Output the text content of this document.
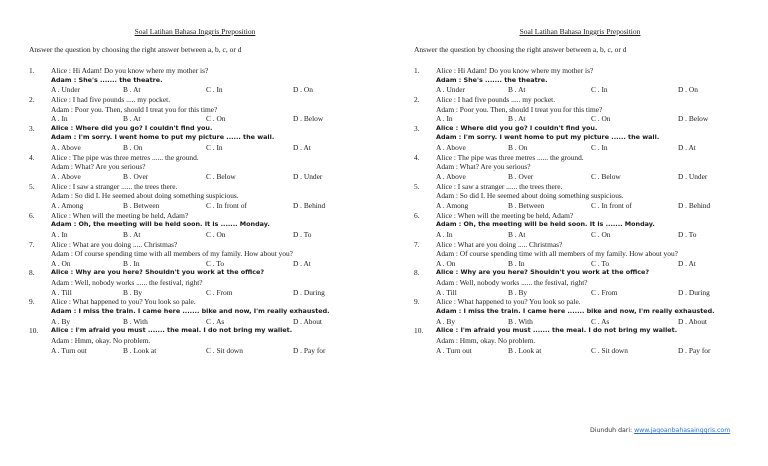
Soal Latihan Bahasa Inggris Preposition
Answer the question by choosing the right answer between a, b, c, or d
1. Alice : Hi Adam! Do you know where my mother is?
Adam : She's ....... the theatre.
A . Under	B . At	C . In	D . On
2. Alice : I had five pounds ..... my pocket.
Adam : Poor you. Then, should I treat you for this time?
A . In	B . At	C . On	D . Below
3.	Alice : Where did you go? I couldn't find you.
Adam : I'm sorry. I went home to put my picture ...... the wall.
A . Above	B . On	C . In	D . At
4. Alice : The pipe was three metres ...... the ground.
Adam : What? Are you serious?
A . Above	B . Over	C . Below	D . Under
5. Alice : I saw a stranger ...... the trees there.
Adam : So did I. He seemed about doing something suspicious.
A . Among	B . Between	C . In front of	D . Behind
6. Alice : When will the meeting be held, Adam?
Adam : Oh, the meeting will be held soon. It is ....... Monday.
A . In	B . At	C . On	D . To
7. Alice : What are you doing ..... Christmas?
Adam : Of course spending time with all members of my family. How about you?
A . On	B . In	C . To	D . At
8.	Alice : Why are you here? Shouldn't you work at the office?
Adam : Well, nobody works ...... the festival, right?
A . Till	B . By	C . From	D . During
9. Alice : What happened to you? You look so pale.
Adam : I miss the train. I came here ....... bike and now, I'm really exhausted.
A . By	B . With	C . As	D . About
10. Alice : I'm afraid you must ....... the meal. I do not bring my wallet.
Adam : Hmm, okay. No problem.
A . Turn out	B . Look at	C . Sit down	D . Pay for
Soal Latihan Bahasa Inggris Preposition
Answer the question by choosing the right answer between a, b, c, or d
1. Alice : Hi Adam! Do you know where my mother is?
Adam : She's ....... the theatre.
A . Under	B . At	C . In	D . On
2. Alice : I had five pounds ..... my pocket.
Adam : Poor you. Then, should I treat you for this time?
A . In	B . At	C . On	D . Below
3.	Alice : Where did you go? I couldn't find you.
Adam : I'm sorry. I went home to put my picture ...... the wall.
A . Above	B . On	C . In	D . At
4. Alice : The pipe was three metres ...... the ground.
Adam : What? Are you serious?
A . Above	B . Over	C . Below	D . Under
5. Alice : I saw a stranger ...... the trees there.
Adam : So did I. He seemed about doing something suspicious.
A . Among	B . Between	C . In front of	D . Behind
6. Alice : When will the meeting be held, Adam?
Adam : Oh, the meeting will be held soon. It is ....... Monday.
A . In	B . At	C . On	D . To
7. Alice : What are you doing ..... Christmas?
Adam : Of course spending time with all members of my family. How about you?
A . On	B . In	C . To	D . At
8.	Alice : Why are you here? Shouldn't you work at the office?
Adam : Well, nobody works ...... the festival, right?
A . Till	B . By	C . From	D . During
9. Alice : What happened to you? You look so pale.
Adam : I miss the train. I came here ....... bike and now, I'm really exhausted.
A . By	B . With	C . As	D . About
10. Alice : I'm afraid you must ....... the meal. I do not bring my wallet.
Adam : Hmm, okay. No problem.
A . Turn out	B . Look at	C . Sit down	D . Pay for
Diunduh dari: www.jagoanbahasainggris.com
